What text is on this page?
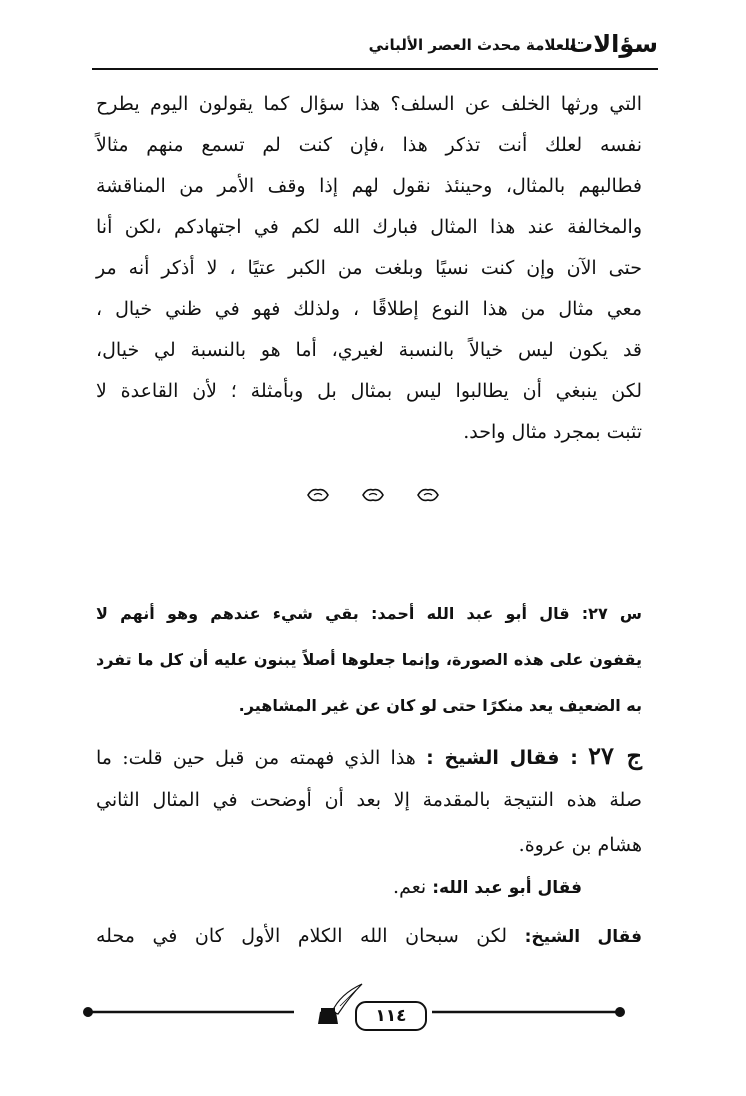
سؤالات
للعلامة محدث العصر الألباني
التي ورثها الخلف عن السلف؟ هذا سؤال كما يقولون اليوم يطرح
نفسه لعلك أنت تذكر هذا ،فإن كنت لم تسمع منهم مثالاً
فطالبهم بالمثال، وحينئذ نقول لهم إذا وقف الأمر من المناقشة
والمخالفة عند هذا المثال فبارك الله لكم في اجتهادكم ،لكن أنا
حتى الآن وإن كنت نسيًا وبلغت من الكبر عتيًا ، لا أذكر أنه مر
معي مثال من هذا النوع إطلاقًا ، ولذلك فهو في ظني خيال ،
قد يكون ليس خيالاً بالنسبة لغيري، أما هو بالنسبة لي خيال،
لكن ينبغي أن يطالبوا ليس بمثال بل وبأمثلة ؛ لأن القاعدة لا
تثبت بمجرد مثال واحد.

س ٢٧: قال أبو عبد الله أحمد: بقي شيء عندهم وهو أنهم لا
يقفون على هذه الصورة، وإنما جعلوها أصلاً يبنون عليه أن كل ما تفرد
به الضعيف يعد منكرًا حتى لو كان عن غير المشاهير.
ج ٢٧ : فقال الشيخ : هذا الذي فهمته من قبل حين قلت: ما
صلة هذه النتيجة بالمقدمة إلا بعد أن أوضحت في المثال الثاني
هشام بن عروة.
فقال أبو عبد الله: نعم.
فقال الشيخ: لكن سبحان الله الكلام الأول كان في محله
١١٤
